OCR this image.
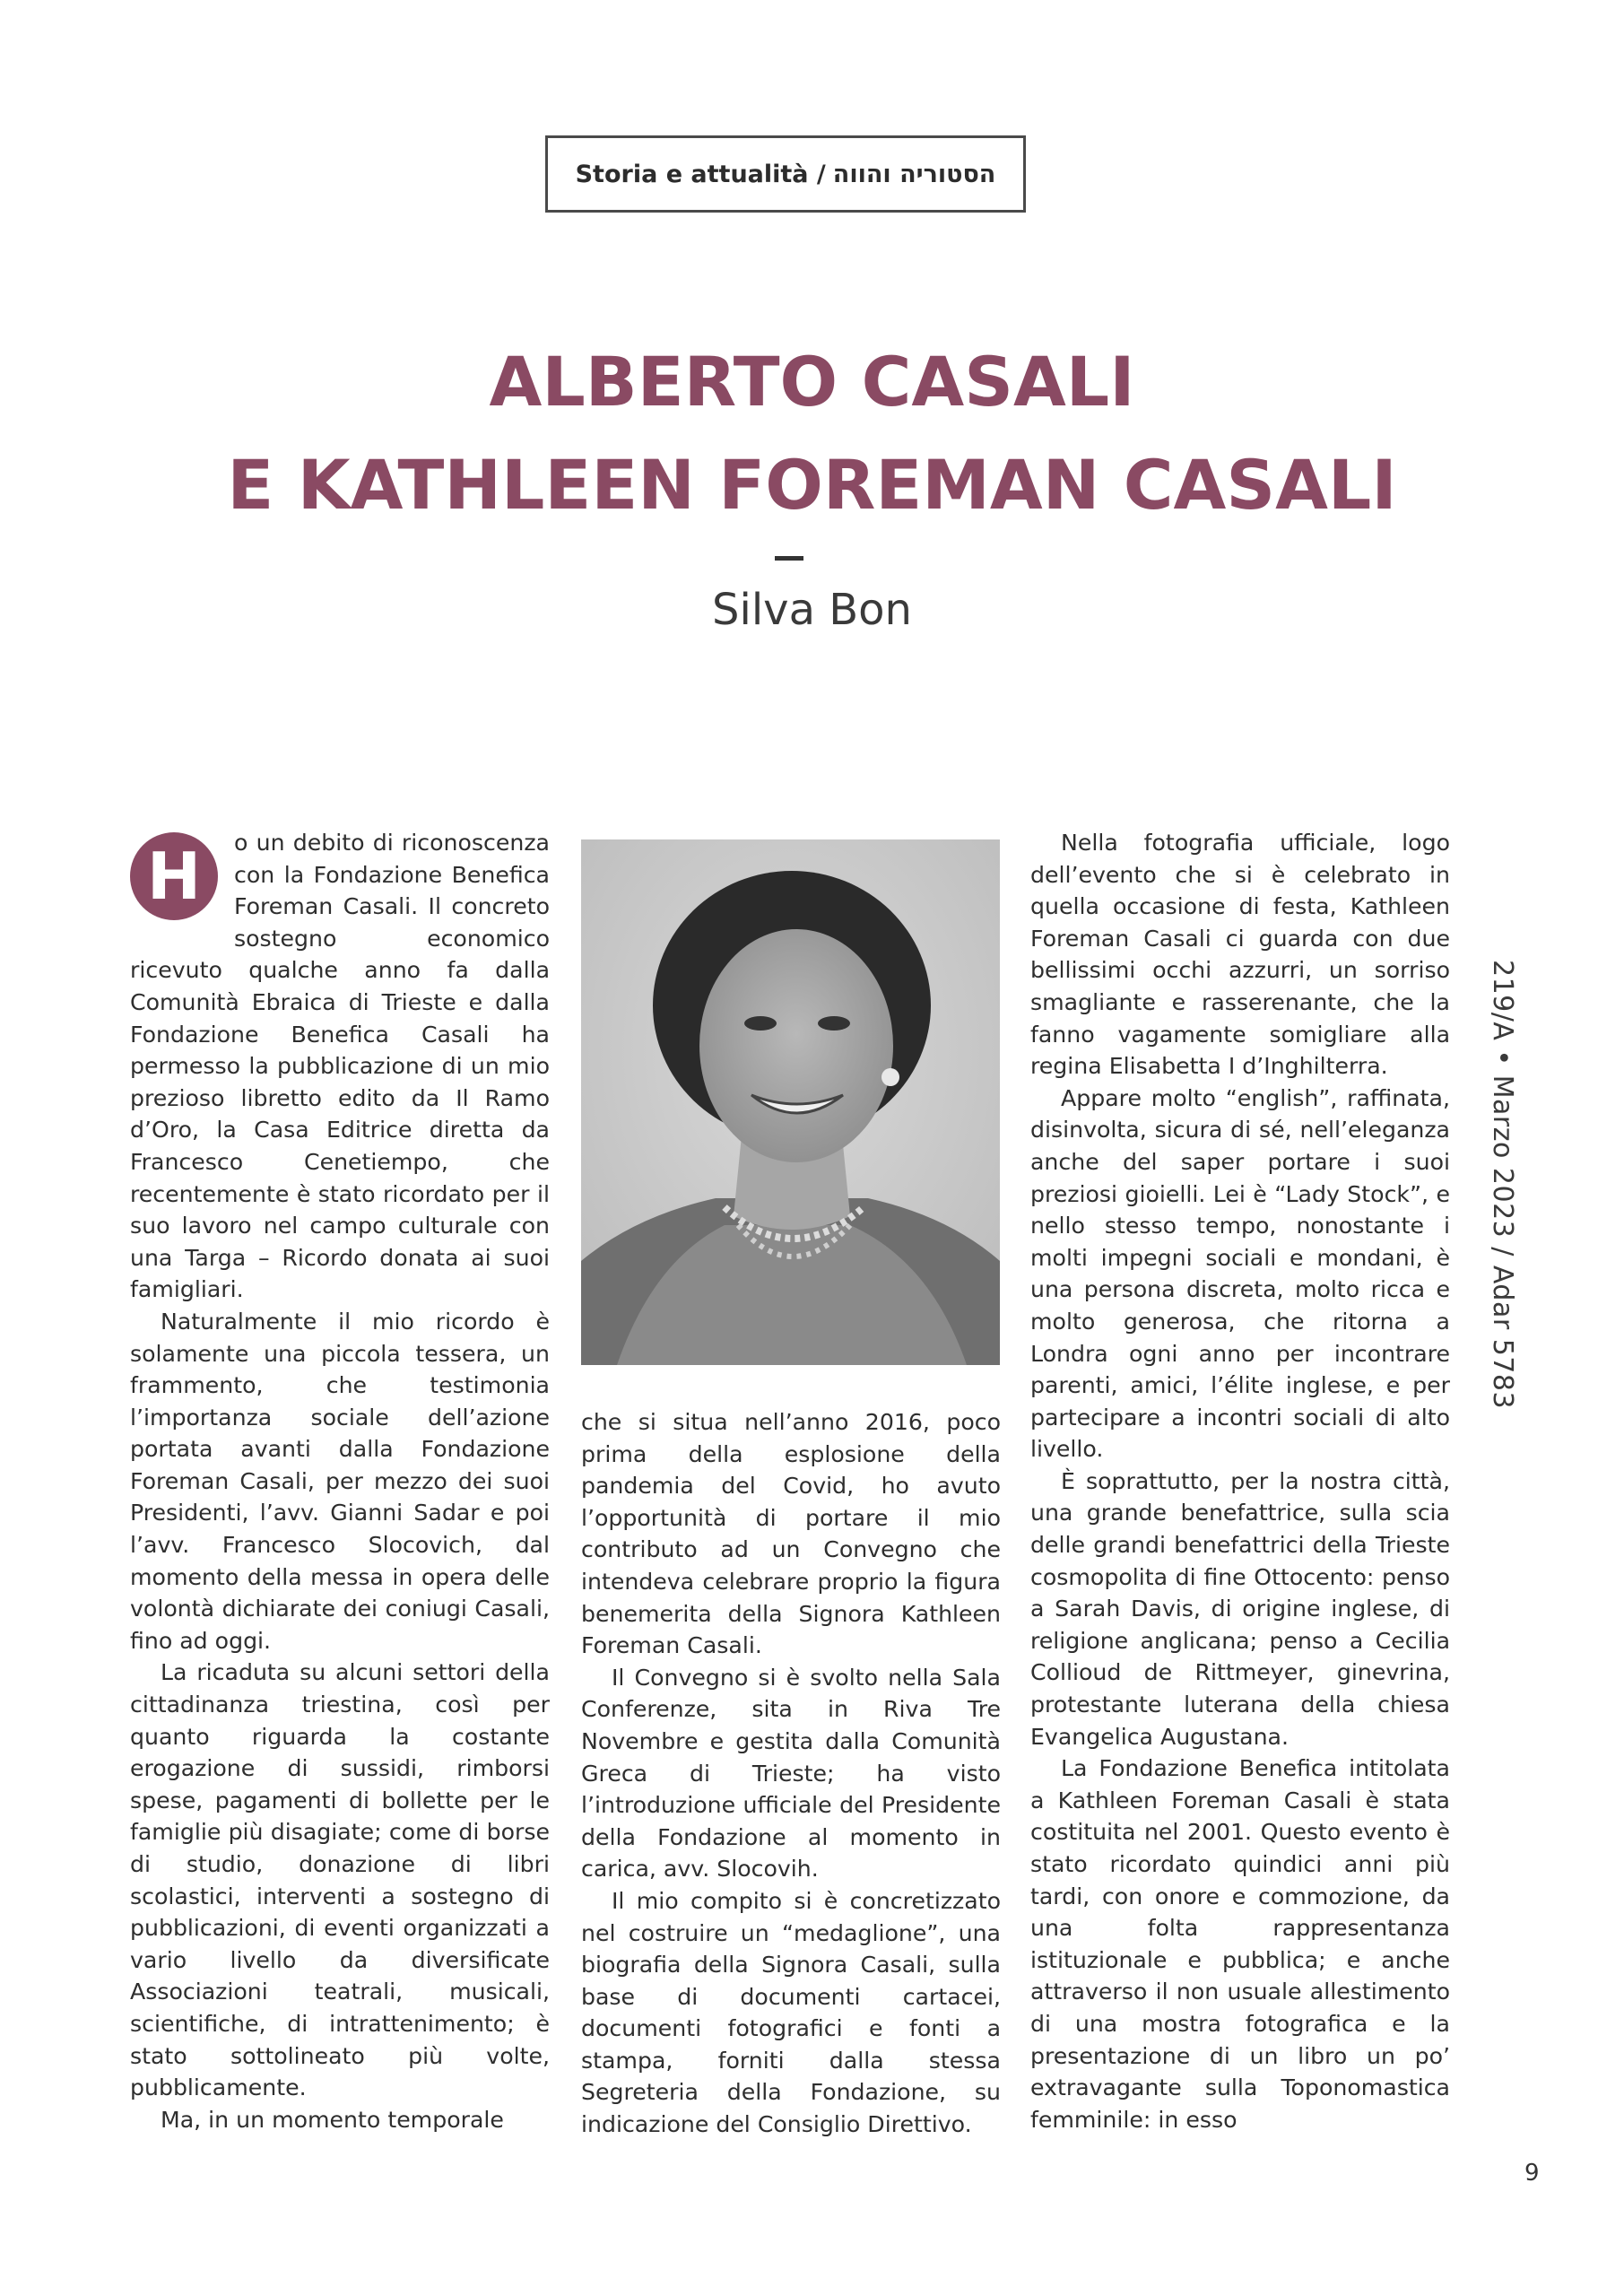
Storia e attualità / הסטוריה והווה
ALBERTO CASALI
E KATHLEEN FOREMAN CASALI
Silva Bon
H	o un debito di riconoscenza con la Fondazione Benefica Foreman Casali. Il concreto sostegno economico ricevuto qualche anno fa dalla Comunità Ebraica di Trieste e dalla Fondazione Benefica Casali ha permesso la pubblicazione di un mio prezioso libretto edito da Il Ramo d’Oro, la Casa Editrice diretta da Francesco Cenetiempo, che recentemente è stato ricordato per il suo lavoro nel campo culturale con una Targa – Ricordo donata ai suoi famigliari.

Naturalmente il mio ricordo è solamente una piccola tessera, un frammento, che testimonia l’importanza sociale dell’azione portata avanti dalla Fondazione Foreman Casali, per mezzo dei suoi Presidenti, l’avv. Gianni Sadar e poi l’avv. Francesco Slocovich, dal momento della messa in opera delle volontà dichiarate dei coniugi Casali, fino ad oggi.

La ricaduta su alcuni settori della cittadinanza triestina, così per quanto riguarda la costante erogazione di sussidi, rimborsi spese, pagamenti di bollette per le famiglie più disagiate; come di borse di studio, donazione di libri scolastici, interventi a sostegno di pubblicazioni, di eventi organizzati a vario livello da diversificate Associazioni teatrali, musicali, scientifiche, di intrattenimento; è stato sottolineato più volte, pubblicamente.

Ma, in un momento temporale

che si situa nell’anno 2016, poco prima della esplosione della pandemia del Covid, ho avuto l’opportunità di portare il mio contributo ad un Convegno che intendeva celebrare proprio la figura benemerita della Signora Kathleen Foreman Casali.

Il Convegno si è svolto nella Sala Conferenze, sita in Riva Tre Novembre e gestita dalla Comunità Greca di Trieste; ha visto l’introduzione ufficiale del Presidente della Fondazione al momento in carica, avv. Slocovih.

Il mio compito si è concretizzato nel costruire un “medaglione”, una biografia della Signora Casali, sulla base di documenti cartacei, documenti fotografici e fonti a stampa, forniti dalla stessa Segreteria della Fondazione, su indicazione del Consiglio Direttivo.

Nella fotografia ufficiale, logo dell’evento che si è celebrato in quella occasione di festa, Kathleen Foreman Casali ci guarda con due bellissimi occhi azzurri, un sorriso smagliante e rasserenante, che la fanno vagamente somigliare alla regina Elisabetta I d’Inghilterra.

Appare molto “english”, raffinata, disinvolta, sicura di sé, nell’eleganza anche del saper portare i suoi preziosi gioielli. Lei è “Lady Stock”, e nello stesso tempo, nonostante i molti impegni sociali e mondani, è una persona discreta, molto ricca e molto generosa, che ritorna a Londra ogni anno per incontrare parenti, amici, l’élite inglese, e per partecipare a incontri sociali di alto livello.

È soprattutto, per la nostra città, una grande benefattrice, sulla scia delle grandi benefattrici della Trieste cosmopolita di fine Ottocento: penso a Sarah Davis, di origine inglese, di religione anglicana; penso a Cecilia Collioud de Rittmeyer, ginevrina, protestante luterana della chiesa Evangelica Augustana.

La Fondazione Benefica intitolata a Kathleen Foreman Casali è stata costituita nel 2001. Questo evento è stato ricordato quindici anni più tardi, con onore e commozione, da una folta rappresentanza istituzionale e pubblica; e anche attraverso il non usuale allestimento di una mostra fotografica e la presentazione di un libro un po’ extravagante sulla Toponomastica femminile: in esso

219/A • Marzo 2023 / Adar 5783
9
